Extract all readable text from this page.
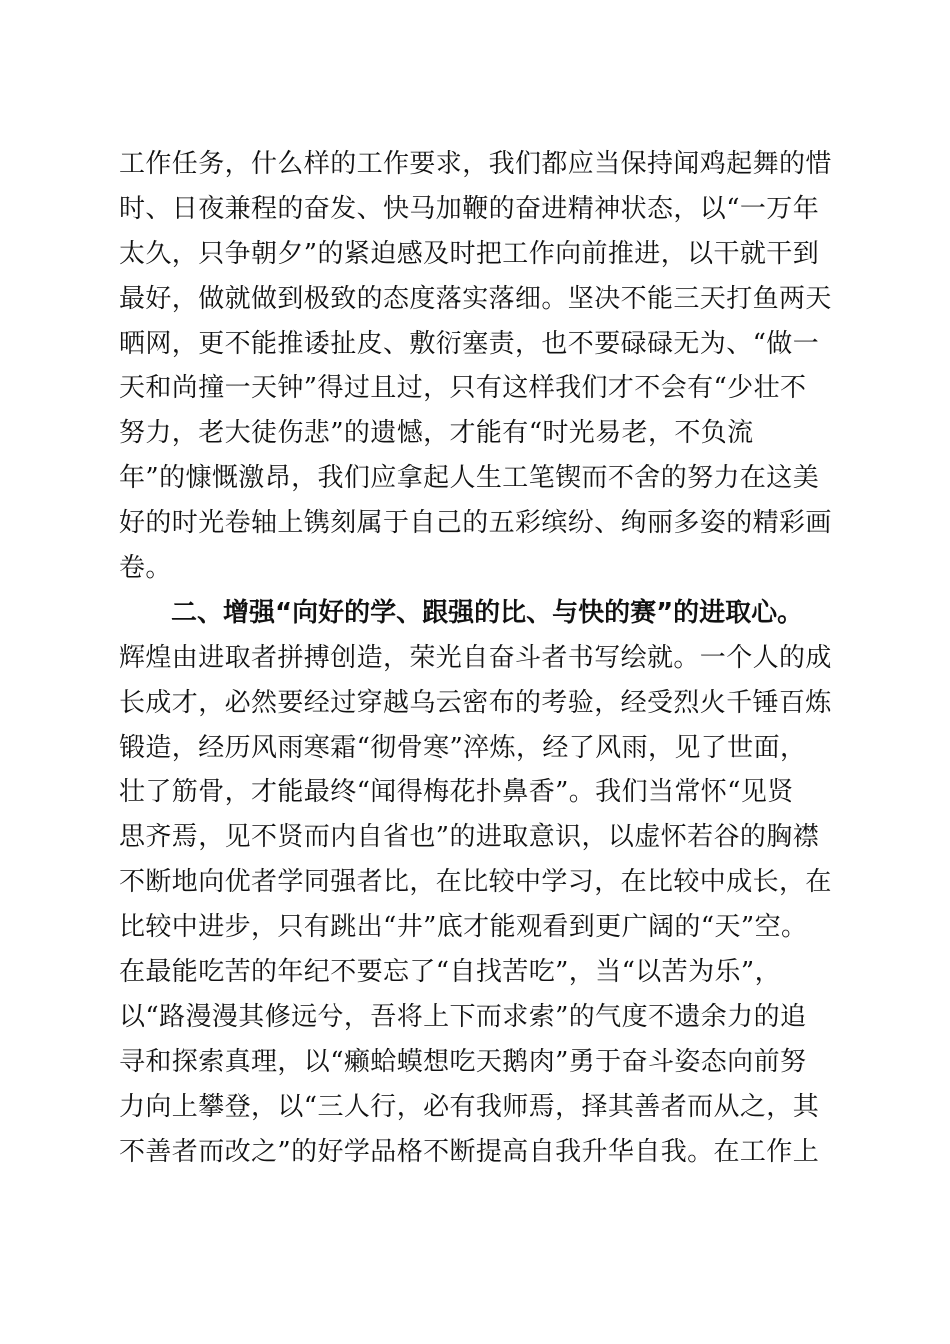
工作任务，什么样的工作要求，我们都应当保持闻鸡起舞的惜
时、日夜兼程的奋发、快马加鞭的奋进精神状态，以“一万年
太久，只争朝夕”的紧迫感及时把工作向前推进，以干就干到
最好，做就做到极致的态度落实落细。坚决不能三天打鱼两天
晒网，更不能推诿扯皮、敷衍塞责，也不要碌碌无为、“做一
天和尚撞一天钟”得过且过，只有这样我们才不会有“少壮不
努力，老大徒伤悲”的遗憾，才能有“时光易老，不负流
年”的慷慨激昂，我们应拿起人生工笔锲而不舍的努力在这美
好的时光卷轴上镌刻属于自己的五彩缤纷、绚丽多姿的精彩画
卷。
二、增强“向好的学、跟强的比、与快的赛”的进取心。
辉煌由进取者拼搏创造，荣光自奋斗者书写绘就。一个人的成
长成才，必然要经过穿越乌云密布的考验，经受烈火千锤百炼
锻造，经历风雨寒霜“彻骨寒”淬炼，经了风雨，见了世面，
壮了筋骨，才能最终“闻得梅花扑鼻香”。我们当常怀“见贤
思齐焉，见不贤而内自省也”的进取意识，以虚怀若谷的胸襟
不断地向优者学同强者比，在比较中学习，在比较中成长，在
比较中进步，只有跳出“井”底才能观看到更广阔的“天”空。
在最能吃苦的年纪不要忘了“自找苦吃”，当“以苦为乐”，
以“路漫漫其修远兮，吾将上下而求索”的气度不遗余力的追
寻和探索真理，以“癞蛤蟆想吃天鹅肉”勇于奋斗姿态向前努
力向上攀登，以“三人行，必有我师焉，择其善者而从之，其
不善者而改之”的好学品格不断提高自我升华自我。在工作上
